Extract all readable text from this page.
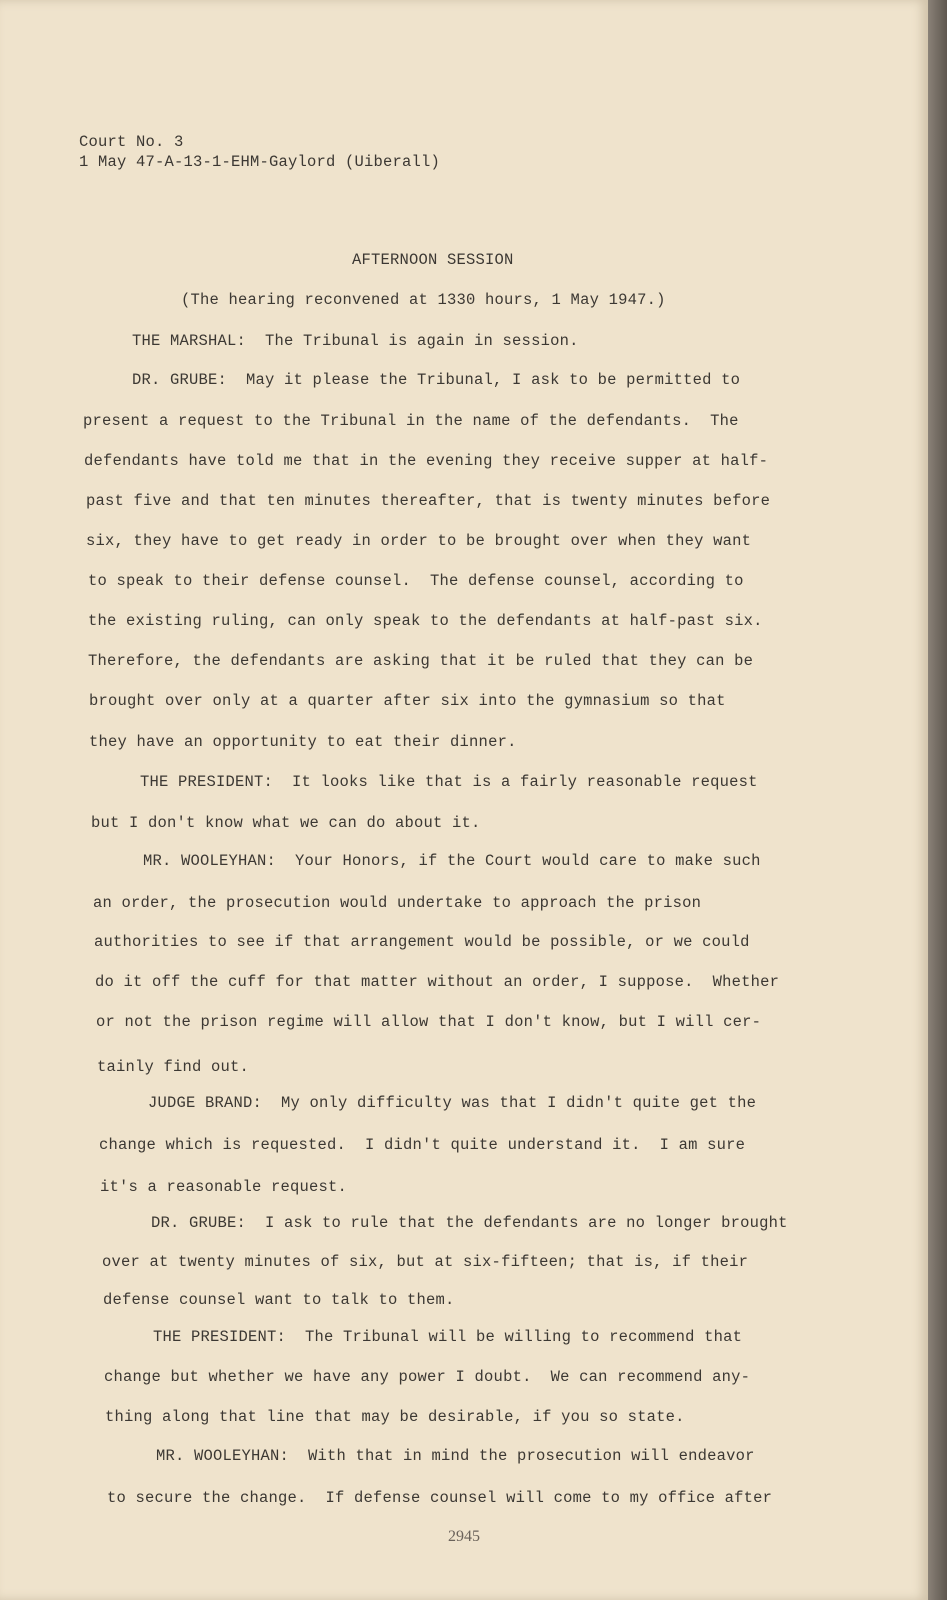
Court No. 3

1 May 47-A-13-1-EHM-Gaylord (Uiberall)

AFTERNOON SESSION

(The hearing reconvened at 1330 hours, 1 May 1947.)

THE MARSHAL:  The Tribunal is again in session.

DR. GRUBE:  May it please the Tribunal, I ask to be permitted to

present a request to the Tribunal in the name of the defendants.  The

defendants have told me that in the evening they receive supper at half-

past five and that ten minutes thereafter, that is twenty minutes before

six, they have to get ready in order to be brought over when they want

to speak to their defense counsel.  The defense counsel, according to

the existing ruling, can only speak to the defendants at half-past six.

Therefore, the defendants are asking that it be ruled that they can be

brought over only at a quarter after six into the gymnasium so that

they have an opportunity to eat their dinner.

THE PRESIDENT:  It looks like that is a fairly reasonable request

but I don't know what we can do about it.

MR. WOOLEYHAN:  Your Honors, if the Court would care to make such

an order, the prosecution would undertake to approach the prison

authorities to see if that arrangement would be possible, or we could

do it off the cuff for that matter without an order, I suppose.  Whether

or not the prison regime will allow that I don't know, but I will cer-

tainly find out.

JUDGE BRAND:  My only difficulty was that I didn't quite get the

change which is requested.  I didn't quite understand it.  I am sure

it's a reasonable request.

DR. GRUBE:  I ask to rule that the defendants are no longer brought

over at twenty minutes of six, but at six-fifteen; that is, if their

defense counsel want to talk to them.

THE PRESIDENT:  The Tribunal will be willing to recommend that

change but whether we have any power I doubt.  We can recommend any-

thing along that line that may be desirable, if you so state.

MR. WOOLEYHAN:  With that in mind the prosecution will endeavor

to secure the change.  If defense counsel will come to my office after

2945
